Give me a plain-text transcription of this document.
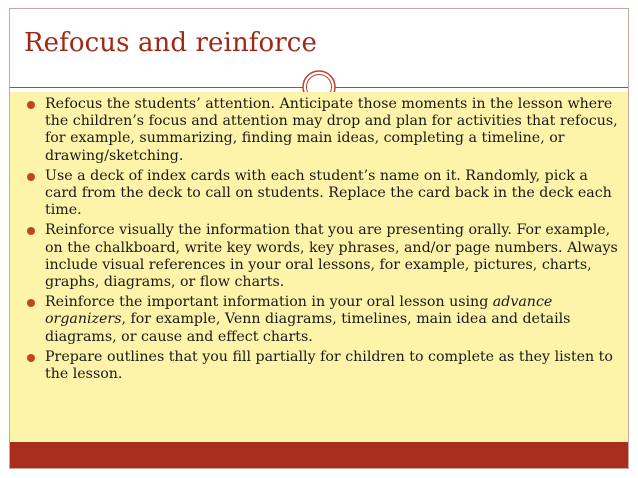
Refocus and reinforce
Refocus the students’ attention. Anticipate those moments in the lesson where the children’s focus and attention may drop and plan for activities that refocus, for example, summarizing, finding main ideas, completing a timeline, or drawing/sketching.
Use a deck of index cards with each student’s name on it. Randomly, pick a card from the deck to call on students. Replace the card back in the deck each time.
Reinforce visually the information that you are presenting orally. For example, on the chalkboard, write key words, key phrases, and/or page numbers. Always include visual references in your oral lessons, for example, pictures, charts, graphs, diagrams, or flow charts.
Reinforce the important information in your oral lesson using advance organizers, for example, Venn diagrams, timelines, main idea and details diagrams, or cause and effect charts.
Prepare outlines that you fill partially for children to complete as they listen to the lesson.
